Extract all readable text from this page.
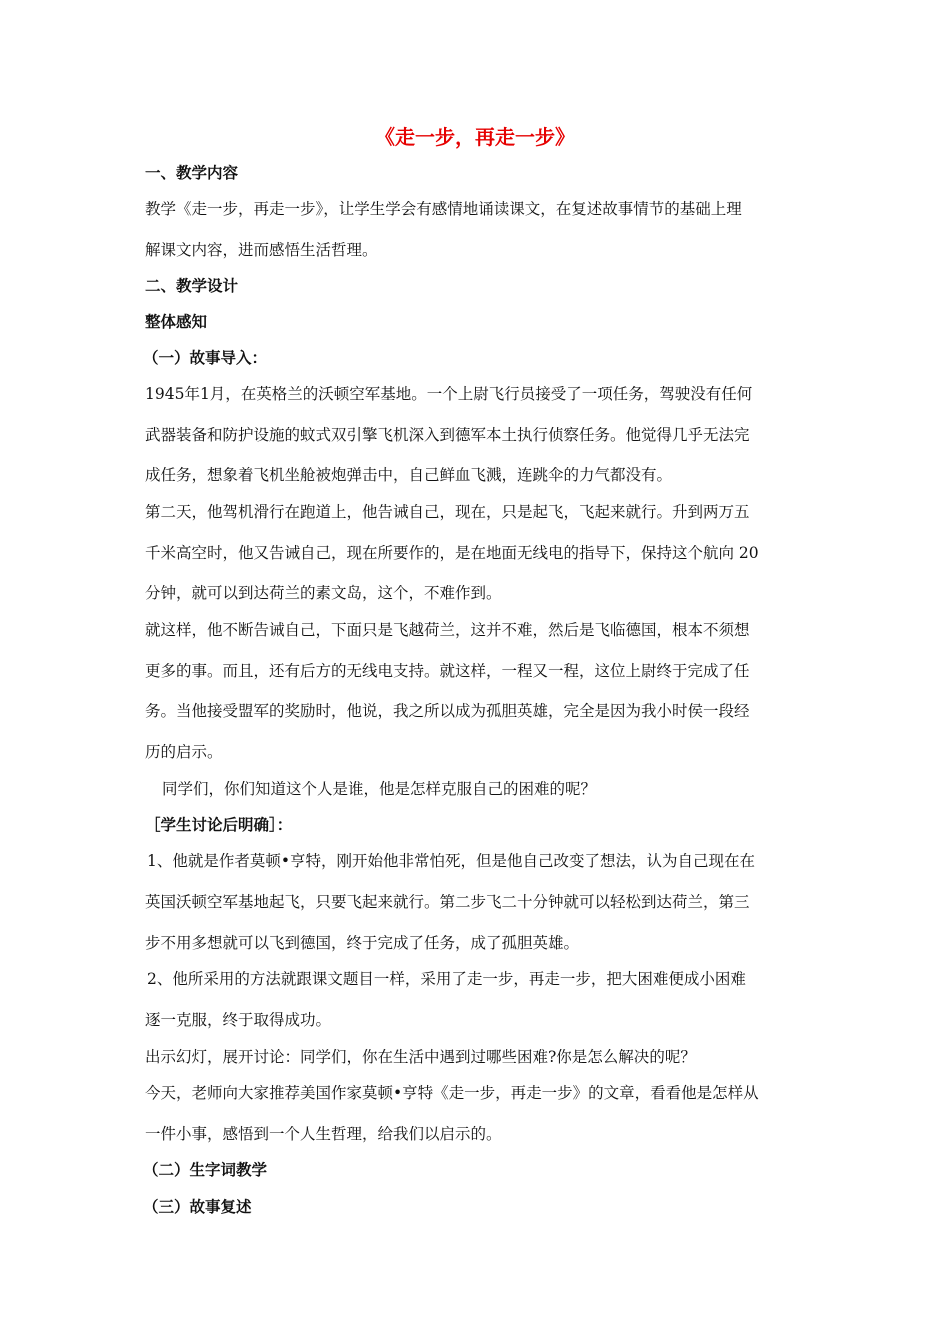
《走一步，再走一步》
一、教学内容
教学《走一步，再走一步》，让学生学会有感情地诵读课文，在复述故事情节的基础上理
解课文内容，进而感悟生活哲理。
二、教学设计
整体感知
（一）故事导入：
1945年1月，在英格兰的沃顿空军基地。一个上尉飞行员接受了一项任务，驾驶没有任何
武器装备和防护设施的蚊式双引擎飞机深入到德军本土执行侦察任务。他觉得几乎无法完
成任务，想象着飞机坐舱被炮弹击中，自己鲜血飞溅，连跳伞的力气都没有。
第二天，他驾机滑行在跑道上，他告诫自己，现在，只是起飞，飞起来就行。升到两万五
千米高空时，他又告诫自己，现在所要作的，是在地面无线电的指导下，保持这个航向 20
分钟，就可以到达荷兰的素文岛，这个，不难作到。
就这样，他不断告诫自己，下面只是飞越荷兰，这并不难，然后是飞临德国，根本不须想
更多的事。而且，还有后方的无线电支持。就这样，一程又一程，这位上尉终于完成了任
务。当他接受盟军的奖励时，他说，我之所以成为孤胆英雄，完全是因为我小时侯一段经
历的启示。
同学们，你们知道这个人是谁，他是怎样克服自己的困难的呢？
［学生讨论后明确］：
1、他就是作者莫顿•亨特，刚开始他非常怕死，但是他自己改变了想法，认为自己现在在
英国沃顿空军基地起飞，只要飞起来就行。第二步飞二十分钟就可以轻松到达荷兰，第三
步不用多想就可以飞到德国，终于完成了任务，成了孤胆英雄。
2、他所采用的方法就跟课文题目一样，采用了走一步，再走一步，把大困难便成小困难
逐一克服，终于取得成功。
出示幻灯，展开讨论：同学们，你在生活中遇到过哪些困难?你是怎么解决的呢？
今天，老师向大家推荐美国作家莫顿•亨特《走一步，再走一步》的文章，看看他是怎样从
一件小事，感悟到一个人生哲理，给我们以启示的。
（二）生字词教学
（三）故事复述
